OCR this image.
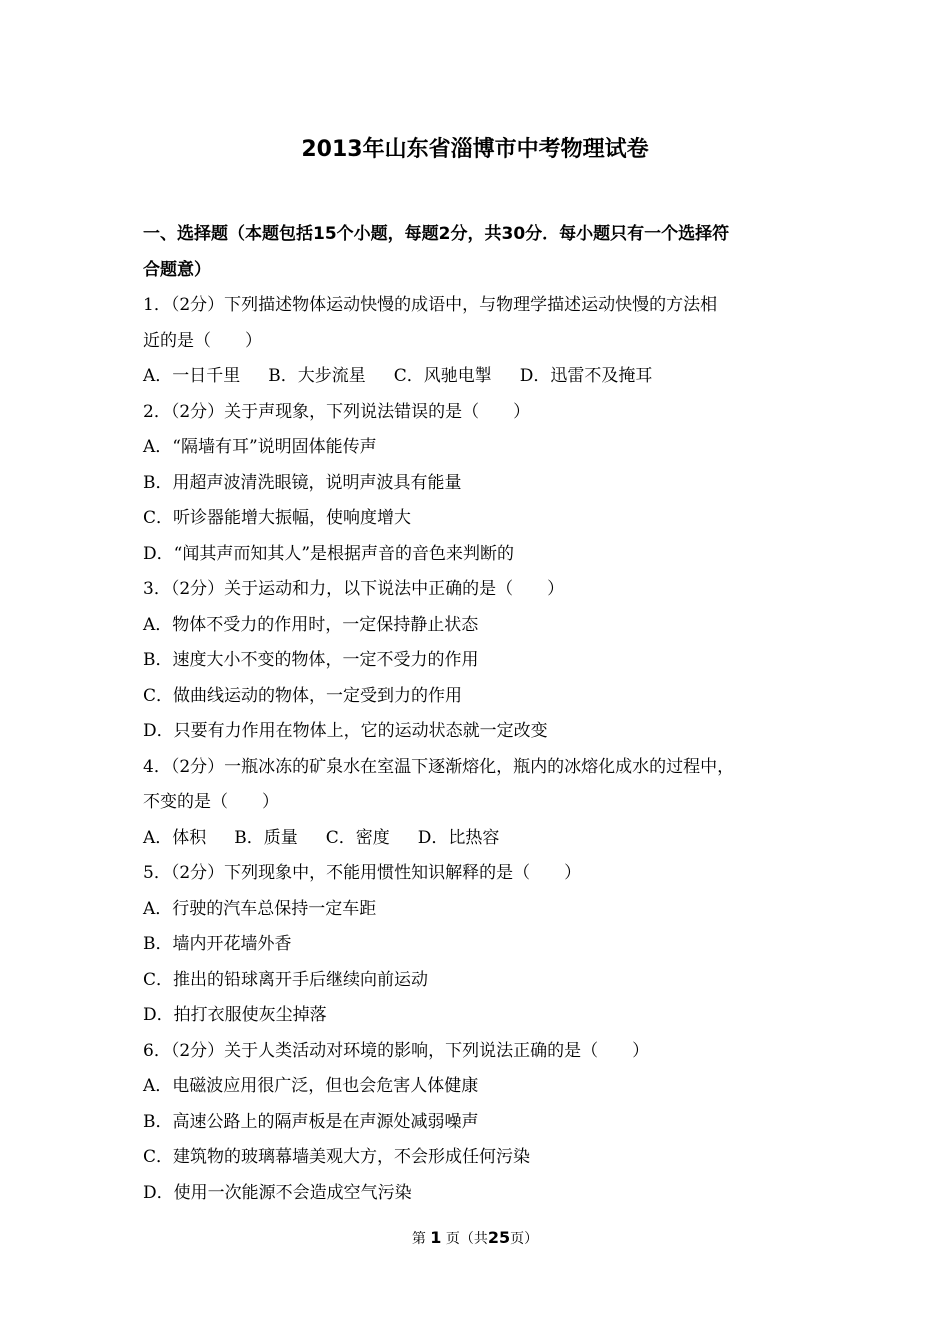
2013年山东省淄博市中考物理试卷
一、选择题（本题包括15个小题，每题2分，共30分．每小题只有一个选择符
合题意）
1．（2分）下列描述物体运动快慢的成语中，与物理学描述运动快慢的方法相
近的是（　　）
A．一日千里 B．大步流星 C．风驰电掣 D．迅雷不及掩耳
2．（2分）关于声现象，下列说法错误的是（　　）
A．“隔墙有耳”说明固体能传声
B．用超声波清洗眼镜，说明声波具有能量
C．听诊器能增大振幅，使响度增大
D．“闻其声而知其人”是根据声音的音色来判断的
3．（2分）关于运动和力，以下说法中正确的是（　　）
A．物体不受力的作用时，一定保持静止状态
B．速度大小不变的物体，一定不受力的作用
C．做曲线运动的物体，一定受到力的作用
D．只要有力作用在物体上，它的运动状态就一定改变
4．（2分）一瓶冰冻的矿泉水在室温下逐渐熔化，瓶内的冰熔化成水的过程中，
不变的是（　　）
A．体积 B．质量 C．密度 D．比热容
5．（2分）下列现象中，不能用惯性知识解释的是（　　）
A．行驶的汽车总保持一定车距
B．墙内开花墙外香
C．推出的铅球离开手后继续向前运动
D．拍打衣服使灰尘掉落
6．（2分）关于人类活动对环境的影响，下列说法正确的是（　　）
A．电磁波应用很广泛，但也会危害人体健康
B．高速公路上的隔声板是在声源处减弱噪声
C．建筑物的玻璃幕墙美观大方，不会形成任何污染
D．使用一次能源不会造成空气污染
第 1 页（共25页）
